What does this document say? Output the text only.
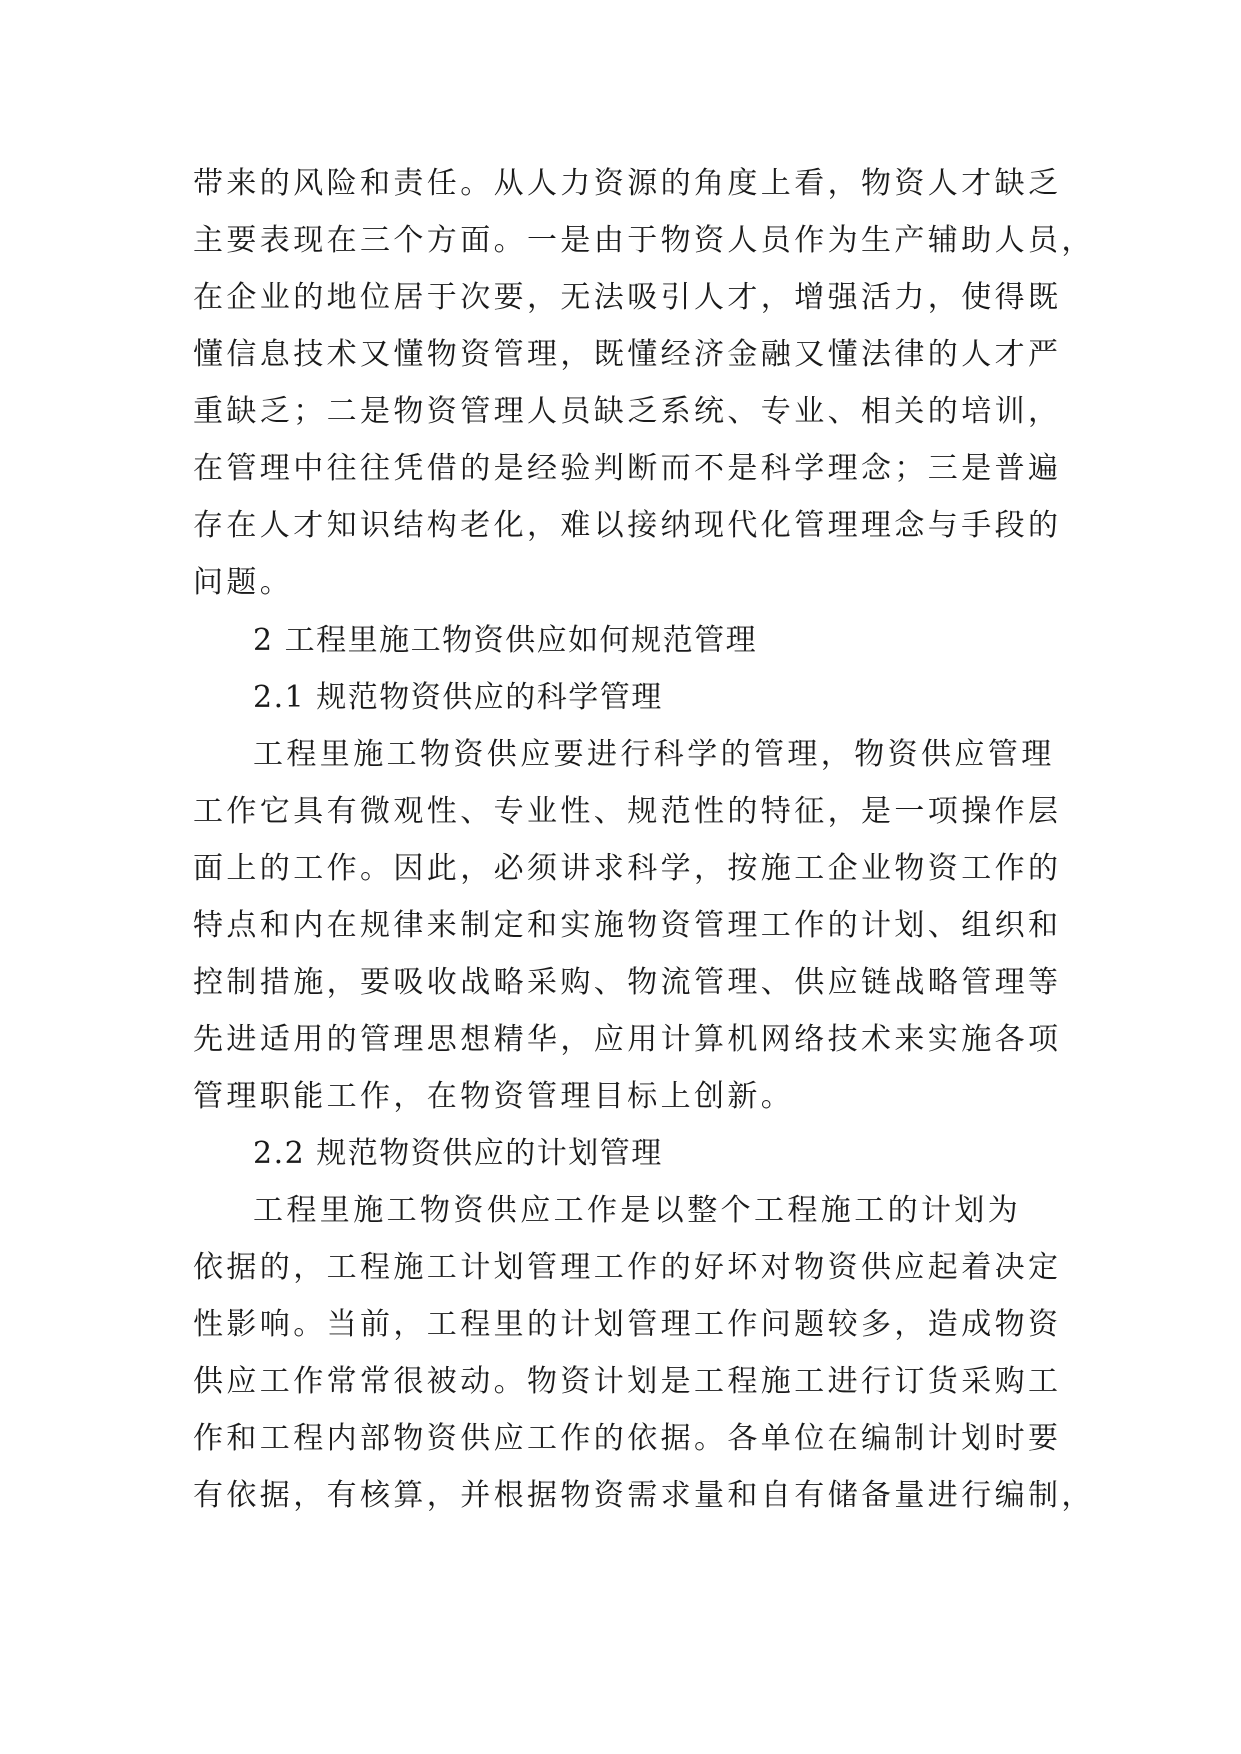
带来的风险和责任。从人力资源的角度上看，物资人才缺乏
主要表现在三个方面。一是由于物资人员作为生产辅助人员，
在企业的地位居于次要，无法吸引人才，增强活力，使得既
懂信息技术又懂物资管理，既懂经济金融又懂法律的人才严
重缺乏；二是物资管理人员缺乏系统、专业、相关的培训，
在管理中往往凭借的是经验判断而不是科学理念；三是普遍
存在人才知识结构老化，难以接纳现代化管理理念与手段的
问题。
2 工程里施工物资供应如何规范管理
2.1 规范物资供应的科学管理
工程里施工物资供应要进行科学的管理，物资供应管理
工作它具有微观性、专业性、规范性的特征，是一项操作层
面上的工作。因此，必须讲求科学，按施工企业物资工作的
特点和内在规律来制定和实施物资管理工作的计划、组织和
控制措施，要吸收战略采购、物流管理、供应链战略管理等
先进适用的管理思想精华，应用计算机网络技术来实施各项
管理职能工作，在物资管理目标上创新。
2.2 规范物资供应的计划管理
工程里施工物资供应工作是以整个工程施工的计划为
依据的，工程施工计划管理工作的好坏对物资供应起着决定
性影响。当前，工程里的计划管理工作问题较多，造成物资
供应工作常常很被动。物资计划是工程施工进行订货采购工
作和工程内部物资供应工作的依据。各单位在编制计划时要
有依据，有核算，并根据物资需求量和自有储备量进行编制，
